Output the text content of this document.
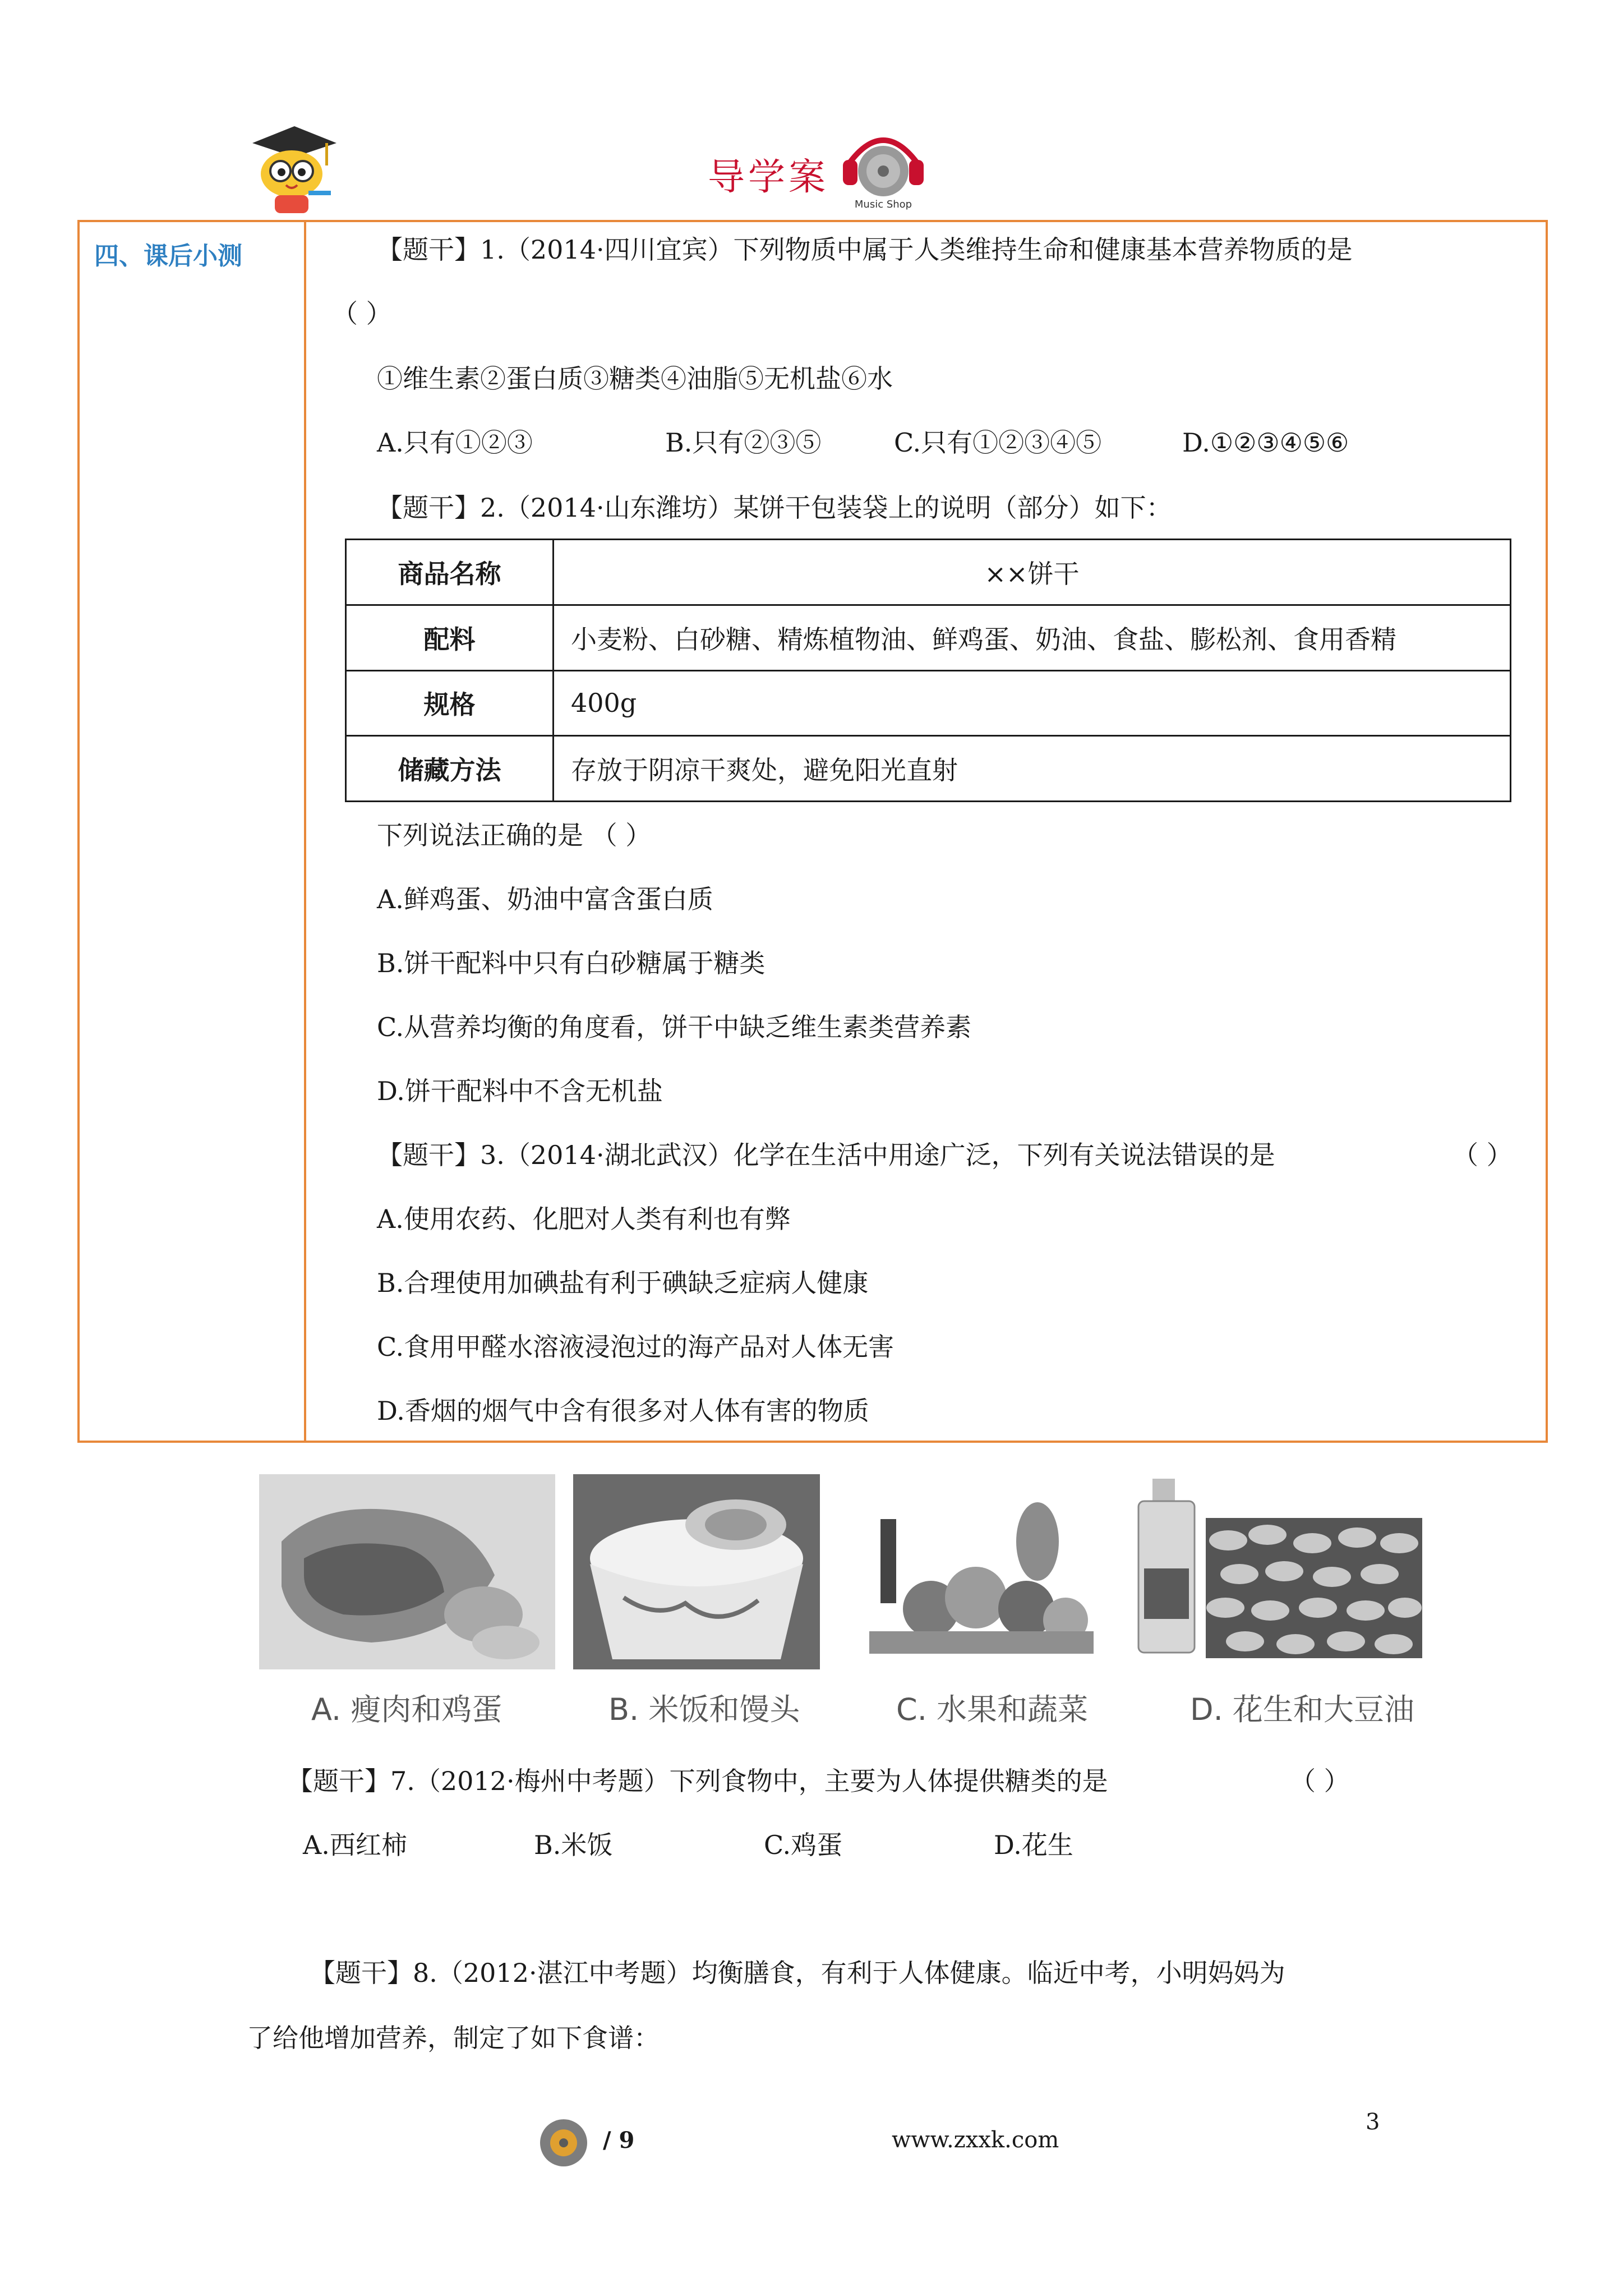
导学案
Music Shop
四、课后小测	【题干】1.（2014·四川宜宾）下列物质中属于人类维持生命和健康基本营养物质的是
（ ）
①维生素②蛋白质③糖类④油脂⑤无机盐⑥水
A.只有①②③	B.只有②③⑤	C.只有①②③④⑤	D.①②③④⑤⑥
【题干】2.（2014·山东潍坊）某饼干包装袋上的说明（部分）如下：
商品名称	××饼干
配料	小麦粉、白砂糖、精炼植物油、鲜鸡蛋、奶油、食盐、膨松剂、食用香精
规格	400g
储藏方法	存放于阴凉干爽处，避免阳光直射
下列说法正确的是 （ ）
A.鲜鸡蛋、奶油中富含蛋白质
B.饼干配料中只有白砂糖属于糖类
C.从营养均衡的角度看，饼干中缺乏维生素类营养素
D.饼干配料中不含无机盐
【题干】3.（2014·湖北武汉）化学在生活中用途广泛，下列有关说法错误的是	（ ）
A.使用农药、化肥对人类有利也有弊
B.合理使用加碘盐有利于碘缺乏症病人健康
C.食用甲醛水溶液浸泡过的海产品对人体无害
D.香烟的烟气中含有很多对人体有害的物质
A. 瘦肉和鸡蛋	B. 米饭和馒头	C. 水果和蔬菜	D. 花生和大豆油
【题干】7.（2012·梅州中考题）下列食物中，主要为人体提供糖类的是	（ ）
A.西红柿	B.米饭	C.鸡蛋	D.花生
【题干】8.（2012·湛江中考题）均衡膳食，有利于人体健康。临近中考，小明妈妈为
了给他增加营养，制定了如下食谱：
/ 9	www.zxxk.com
3
